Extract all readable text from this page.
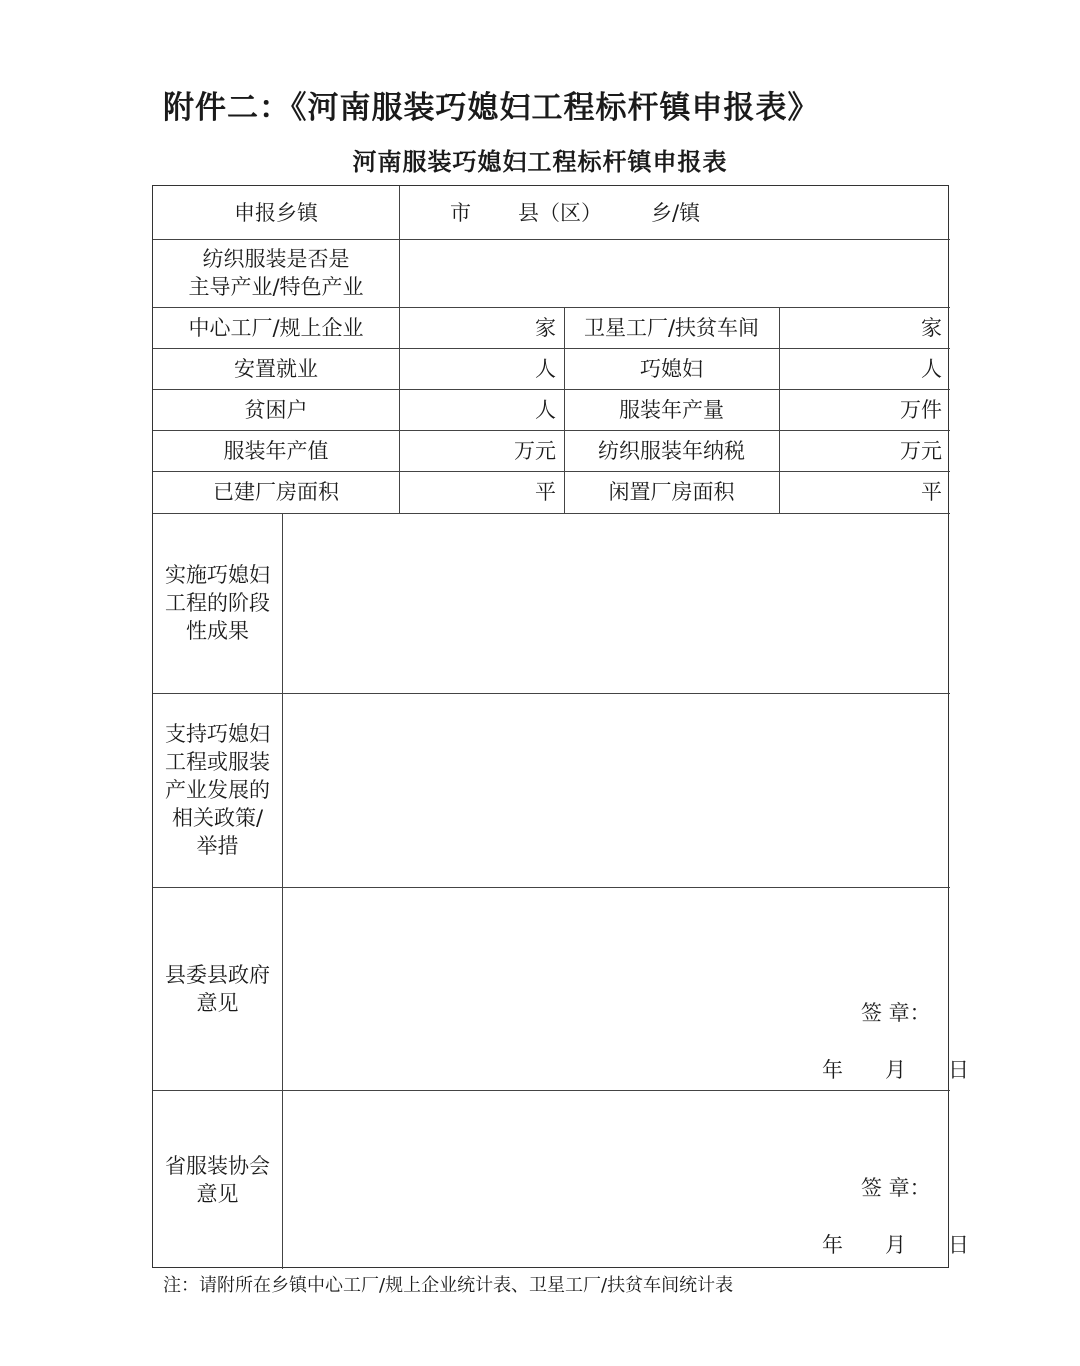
附件二：《河南服装巧媳妇工程标杆镇申报表》
河南服装巧媳妇工程标杆镇申报表
申报乡镇	市	县（区）	乡/镇
纺织服装是否是
主导产业/特色产业
中心工厂/规上企业	家	卫星工厂/扶贫车间	家
安置就业	人	巧媳妇	人
贫困户	人	服装年产量	万件
服装年产值	万元	纺织服装年纳税	万元
已建厂房面积	平	闲置厂房面积	平
实施巧媳妇
工程的阶段
性成果
支持巧媳妇
工程或服装
产业发展的
相关政策/
举措
县委县政府
意见	签 章：
年　　月　　日
省服装协会
意见	签 章：
年　　月　　日
注：请附所在乡镇中心工厂/规上企业统计表、卫星工厂/扶贫车间统计表
